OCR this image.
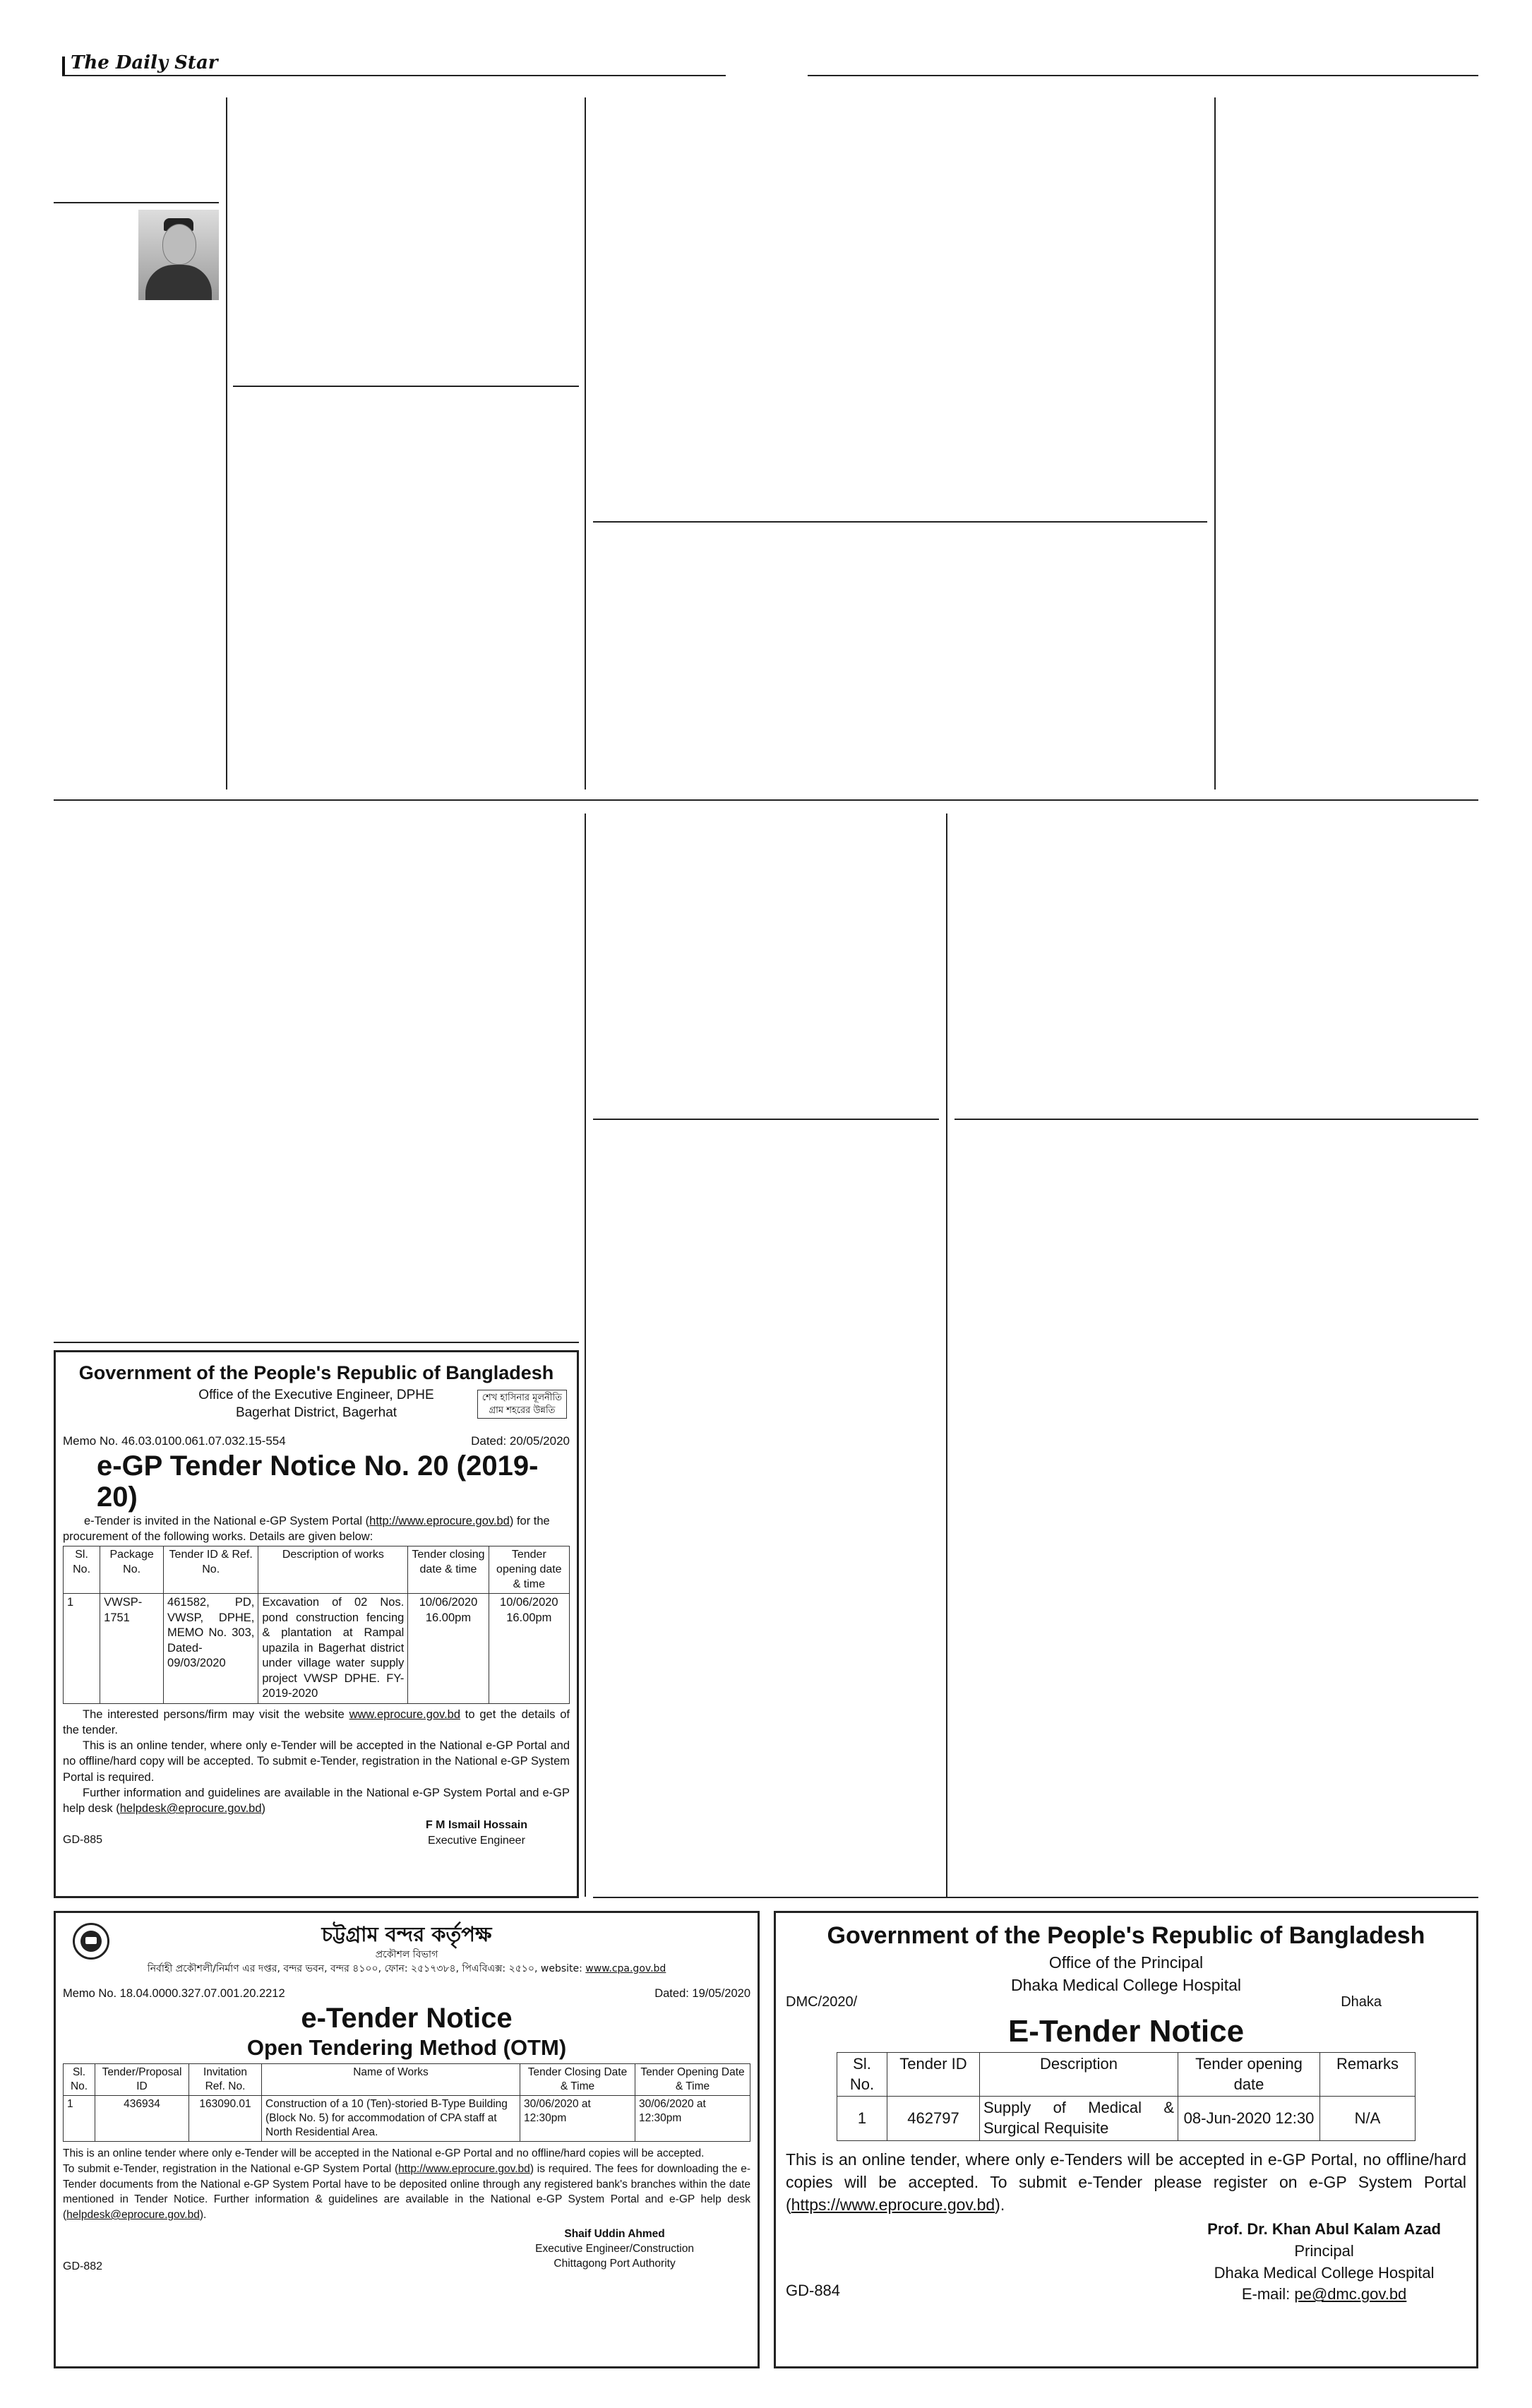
The Daily Star
Government of the People's Republic of Bangladesh
Office of the Executive Engineer, DPHE
Bagerhat District, Bagerhat
শেখ হাসিনার মূলনীতি
গ্রাম শহরের উন্নতি
Memo No. 46.03.0100.061.07.032.15-554	Dated: 20/05/2020
e-GP Tender Notice No. 20 (2019-20)
e-Tender is invited in the National e-GP System Portal (http://www.eprocure.gov.bd) for the procurement of the following works. Details are given below:
Sl. No.	Package No.	Tender ID & Ref. No.	Description of works	Tender closing date & time	Tender opening date & time
1	VWSP-1751	461582, PD, VWSP, DPHE, MEMO No. 303, Dated-09/03/2020	Excavation of 02 Nos. pond construction fencing & plantation at Rampal upazila in Bagerhat district under village water supply project VWSP DPHE. FY-2019-2020	10/06/2020 16.00pm	10/06/2020 16.00pm
The interested persons/firm may visit the website www.eprocure.gov.bd to get the details of the tender.
This is an online tender, where only e-Tender will be accepted in the National e-GP Portal and no offline/hard copy will be accepted. To submit e-Tender, registration in the National e-GP System Portal is required.
Further information and guidelines are available in the National e-GP System Portal and e-GP help desk (helpdesk@eprocure.gov.bd)
F M Ismail Hossain
Executive Engineer
GD-885
চট্টগ্রাম বন্দর কর্তৃপক্ষ
প্রকৌশল বিভাগ
নির্বাহী প্রকৌশলী/নির্মাণ এর দপ্তর, বন্দর ভবন, বন্দর ৪১০০, ফোন: ২৫১৭৩৮৪, পিএবিএক্স: ২৫১০, website: www.cpa.gov.bd
Memo No. 18.04.0000.327.07.001.20.2212	Dated: 19/05/2020
e-Tender Notice
Open Tendering Method (OTM)
Sl. No.	Tender/Proposal ID	Invitation Ref. No.	Name of Works	Tender Closing Date & Time	Tender Opening Date & Time
1	436934	163090.01	Construction of a 10 (Ten)-storied B-Type Building (Block No. 5) for accommodation of CPA staff at North Residential Area.	30/06/2020 at 12:30pm	30/06/2020 at 12:30pm
This is an online tender where only e-Tender will be accepted in the National e-GP Portal and no offline/hard copies will be accepted.
To submit e-Tender, registration in the National e-GP System Portal (http://www.eprocure.gov.bd) is required. The fees for downloading the e-Tender documents from the National e-GP System Portal have to be deposited online through any registered bank's branches within the date mentioned in Tender Notice. Further information & guidelines are available in the National e-GP System Portal and e-GP help desk (helpdesk@eprocure.gov.bd).
Shaif Uddin Ahmed
Executive Engineer/Construction
Chittagong Port Authority
GD-882
Government of the People's Republic of Bangladesh
Office of the Principal
Dhaka Medical College Hospital
DMC/2020/	Dhaka
E-Tender Notice
Sl. No.	Tender ID	Description	Tender opening date	Remarks
1	462797	Supply of Medical & Surgical Requisite	08-Jun-2020 12:30	N/A
This is an online tender, where only e-Tenders will be accepted in e-GP Portal, no offline/hard copies will be accepted. To submit e-Tender please register on e-GP System Portal (https://www.eprocure.gov.bd).
Prof. Dr. Khan Abul Kalam Azad
Principal
Dhaka Medical College Hospital
E-mail: pe@dmc.gov.bd
GD-884
